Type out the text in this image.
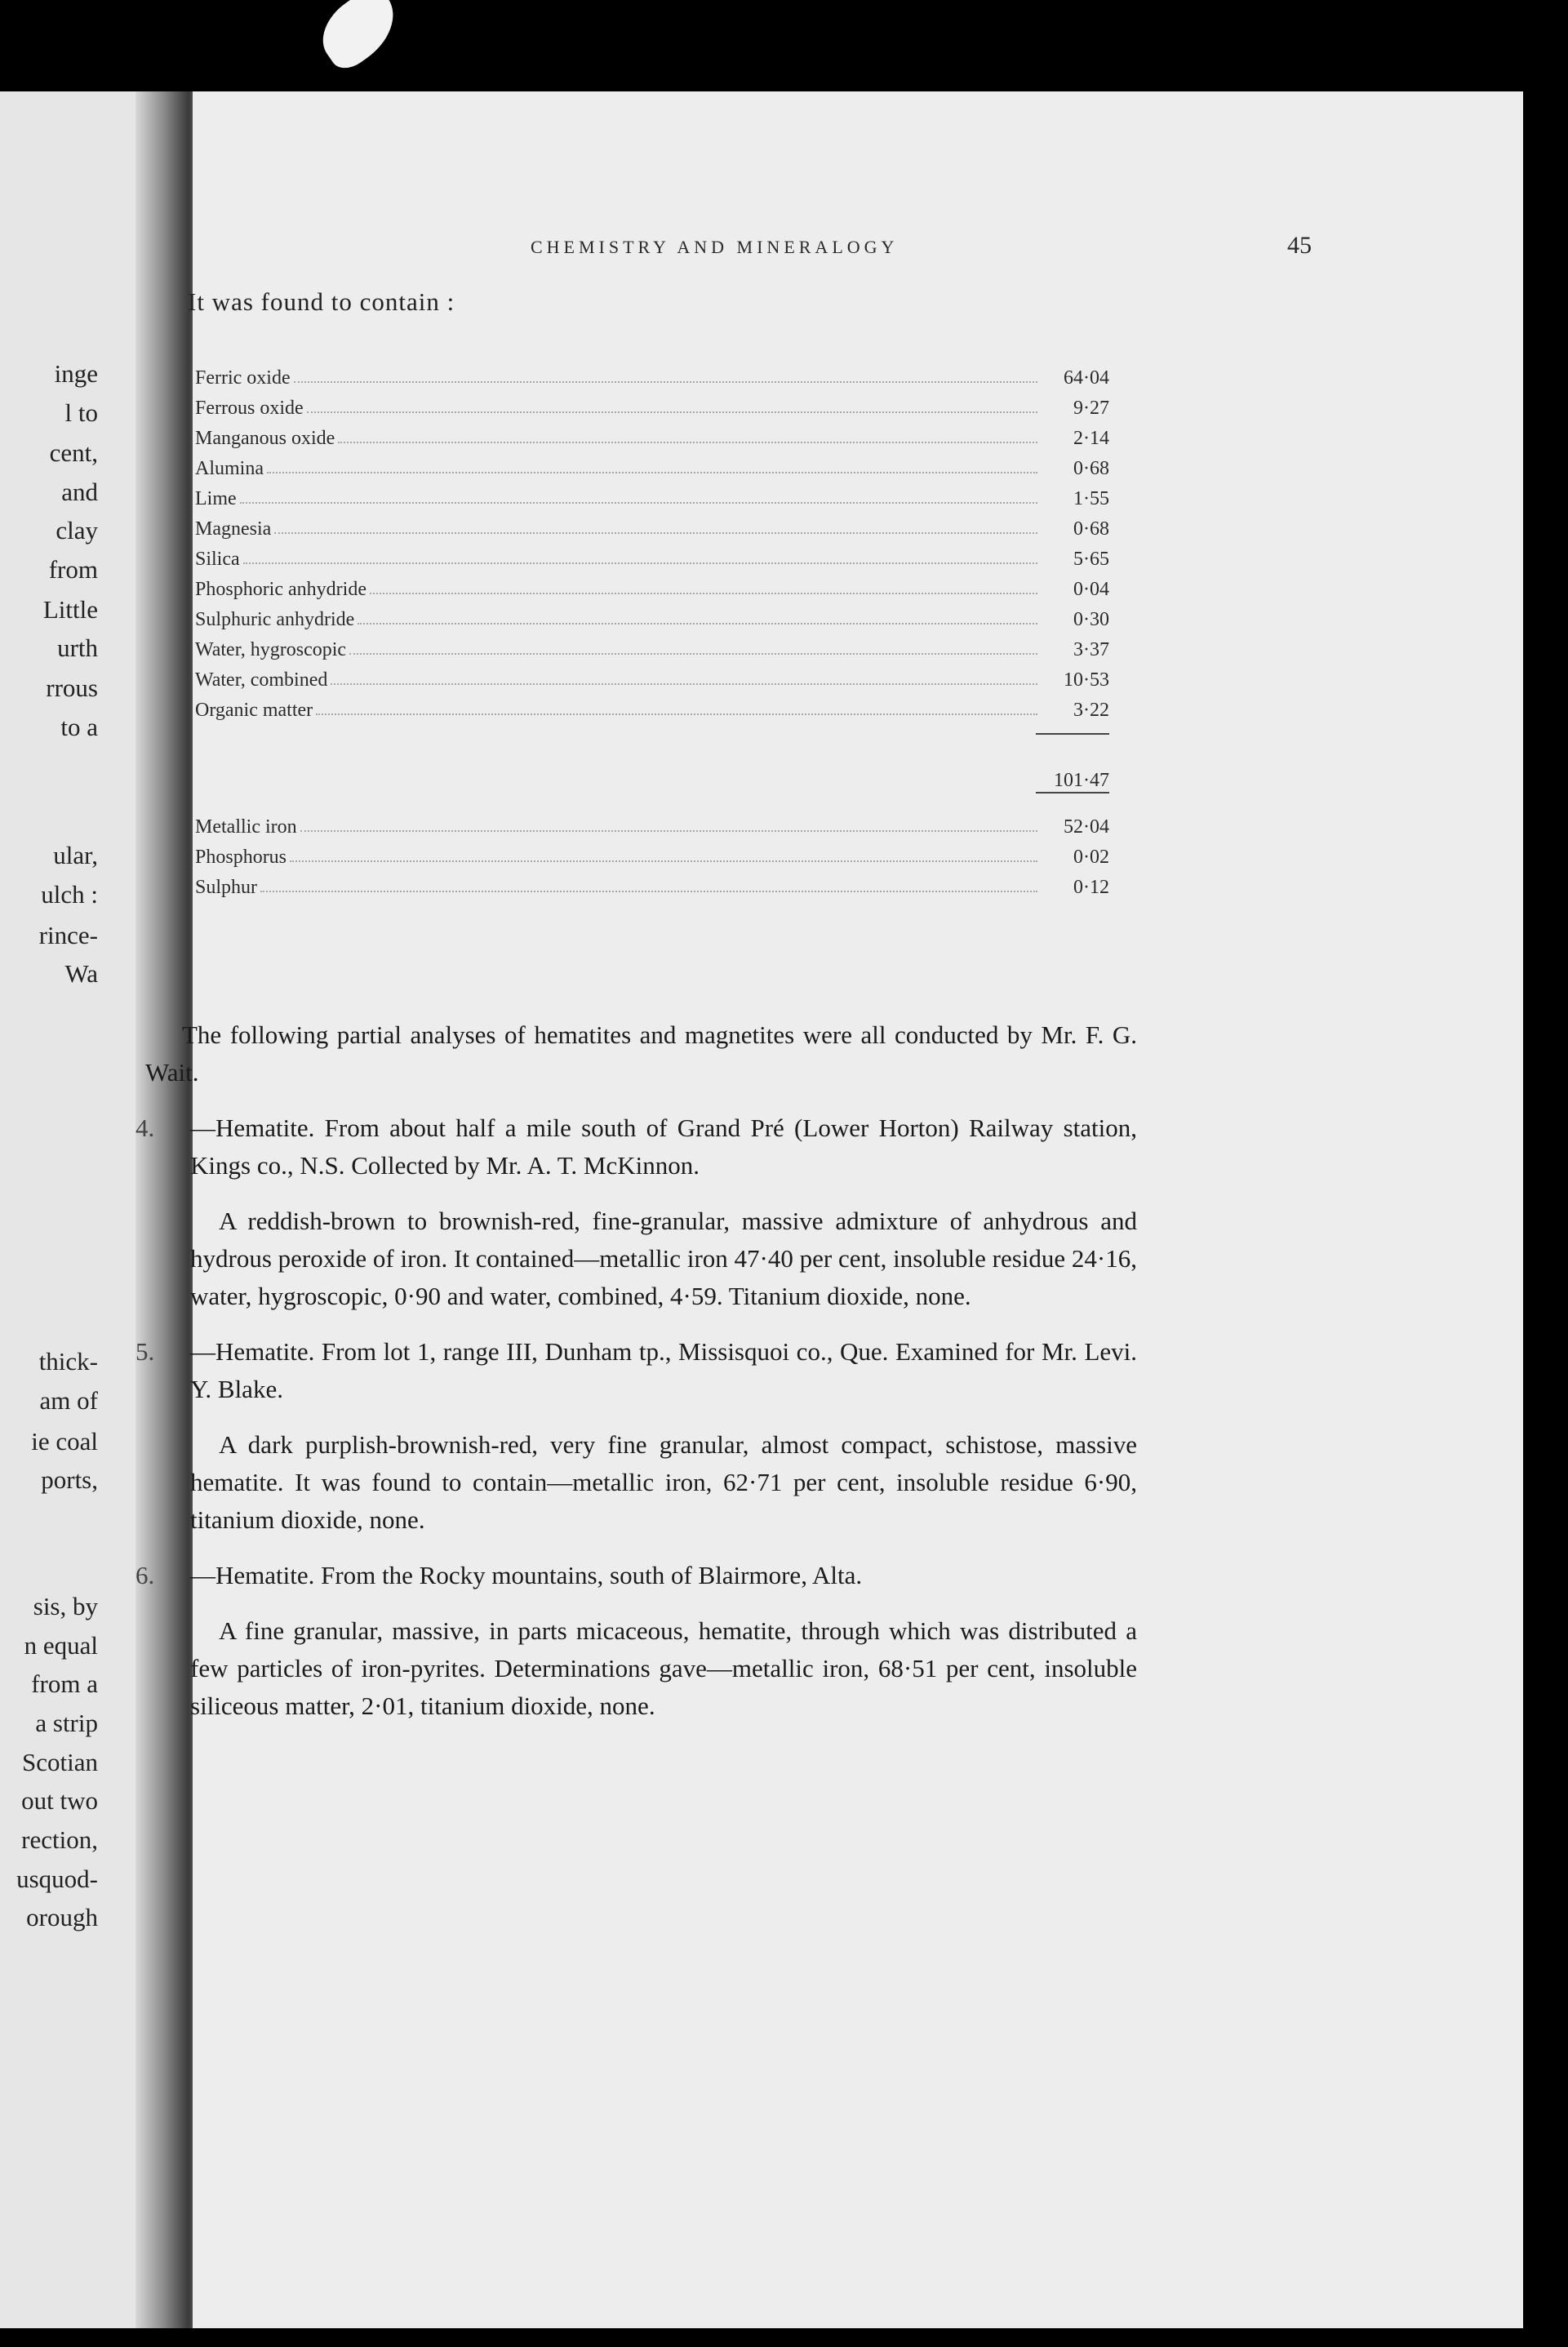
inge
l to
cent,
and
clay
from
Little
urth
rrous
to a
ular,
ulch :
rince-
Wa
thick-
am of
ie coal
ports,
sis, by
n equal
from a
a strip
Scotian
out two
rection,
usquod-
orough
CHEMISTRY AND MINERALOGY	45
It was found to contain :
Ferric oxide	64·04
Ferrous oxide	9·27
Manganous oxide	2·14
Alumina	0·68
Lime	1·55
Magnesia	0·68
Silica	5·65
Phosphoric anhydride	0·04
Sulphuric anhydride	0·30
Water, hygroscopic	3·37
Water, combined	10·53
Organic matter	3·22
101·47
Metallic iron	52·04
Phosphorus	0·02
Sulphur	0·12

The following partial analyses of hematites and magnetites were all conducted by Mr. F. G. Wait.

4. —Hematite. From about half a mile south of Grand Pré (Lower Horton) Railway station, Kings co., N.S. Collected by Mr. A. T. McKinnon.

A reddish-brown to brownish-red, fine-granular, massive admixture of anhydrous and hydrous peroxide of iron. It contained—metallic iron 47·40 per cent, insoluble residue 24·16, water, hygroscopic, 0·90 and water, combined, 4·59. Titanium dioxide, none.

5. —Hematite. From lot 1, range III, Dunham tp., Missisquoi co., Que. Examined for Mr. Levi. Y. Blake.

A dark purplish-brownish-red, very fine granular, almost compact, schistose, massive hematite. It was found to contain—metallic iron, 62·71 per cent, insoluble residue 6·90, titanium dioxide, none.

6. —Hematite. From the Rocky mountains, south of Blairmore, Alta.

A fine granular, massive, in parts micaceous, hematite, through which was distributed a few particles of iron-pyrites. Determinations gave—metallic iron, 68·51 per cent, insoluble siliceous matter, 2·01, titanium dioxide, none.
